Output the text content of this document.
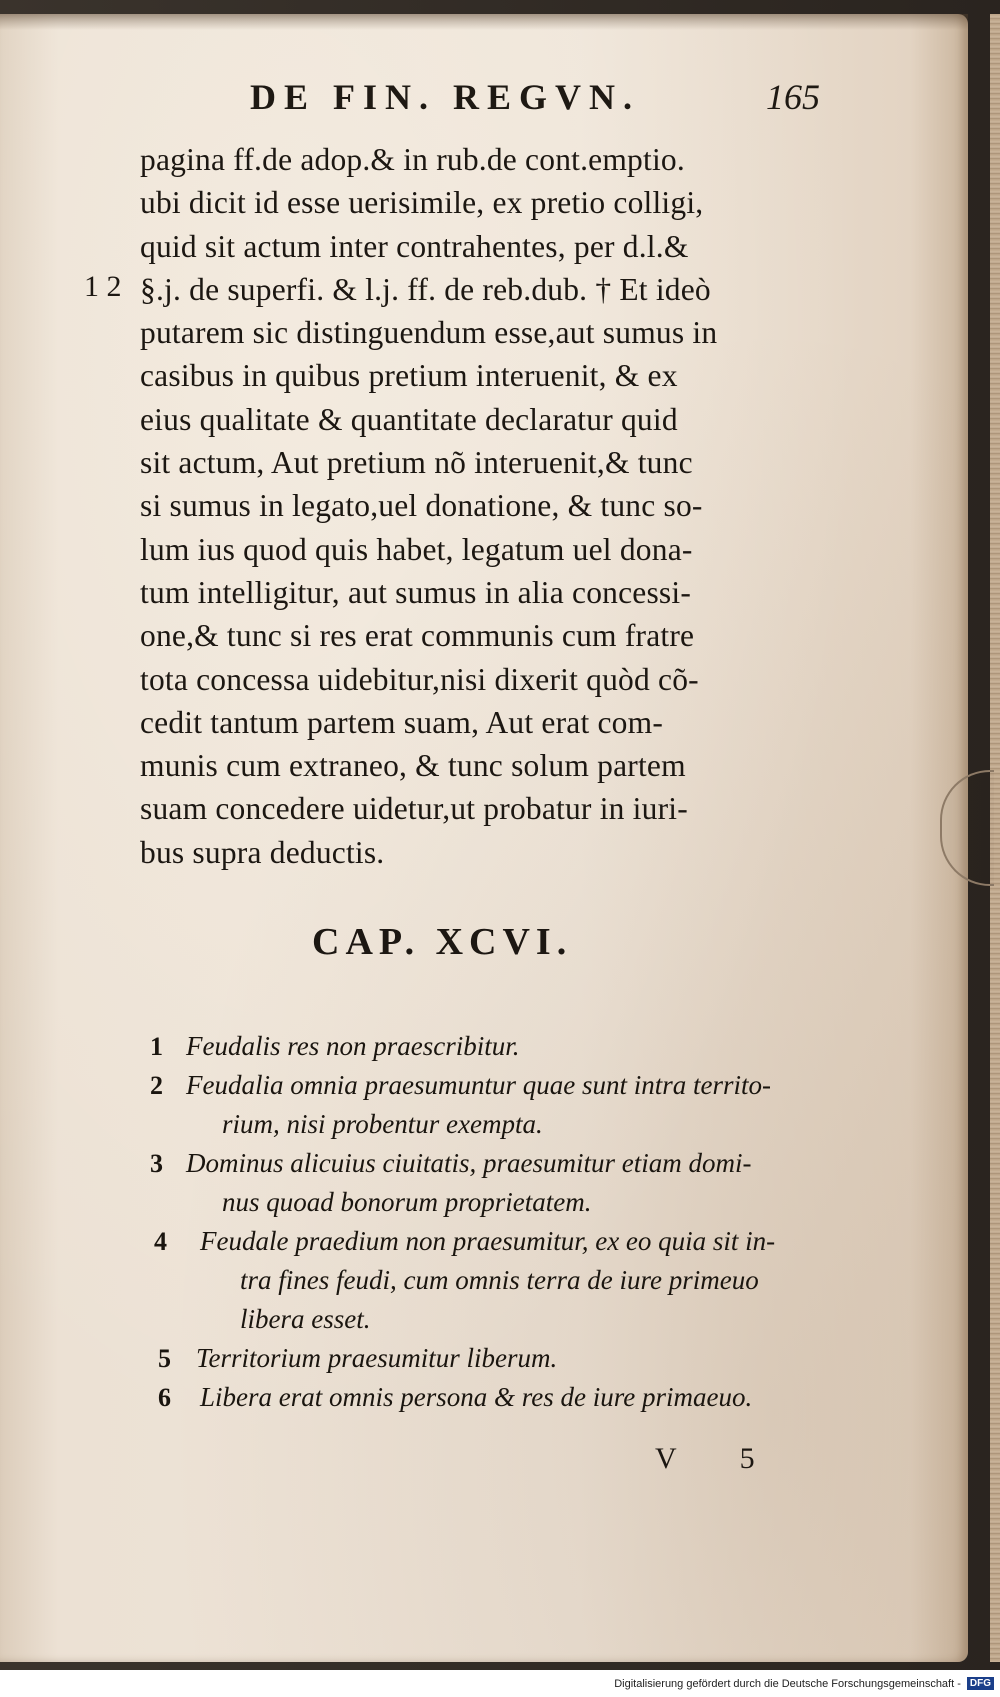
DE FIN. REGVN.	165
1 2
pagina ff.de adop.& in rub.de cont.emptio.
ubi dicit id esse uerisimile, ex pretio colligi,
quid sit actum inter contrahentes, per d.l.&
§.j. de superfi. & l.j. ff. de reb.dub. † Et ideò
putarem sic distinguendum esse,aut sumus in
casibus in quibus pretium interuenit, & ex
eius qualitate & quantitate declaratur quid
sit actum, Aut pretium nõ interuenit,& tunc
si sumus in legato,uel donatione, & tunc so-
lum ius quod quis habet, legatum uel dona-
tum intelligitur, aut sumus in alia concessi-
one,& tunc si res erat communis cum fratre
tota concessa uidebitur,nisi dixerit quòd cõ-
cedit tantum partem suam, Aut erat com-
munis cum extraneo, & tunc solum partem
suam concedere uidetur,ut probatur in iuri-
bus supra deductis.
CAP. XCVI.
1 Feudalis res non praescribitur.
2 Feudalia omnia praesumuntur quae sunt intra territo-
rium, nisi probentur exempta.
3 Dominus alicuius ciuitatis, praesumitur etiam domi-
nus quoad bonorum proprietatem.
4 Feudale praedium non praesumitur, ex eo quia sit in-
tra fines feudi, cum omnis terra de iure primeuo
libera esset.
5 Territorium praesumitur liberum.
6 Libera erat omnis persona & res de iure primaeuo.
V 5
Digitalisierung gefördert durch die Deutsche Forschungsgemeinschaft - DFG
